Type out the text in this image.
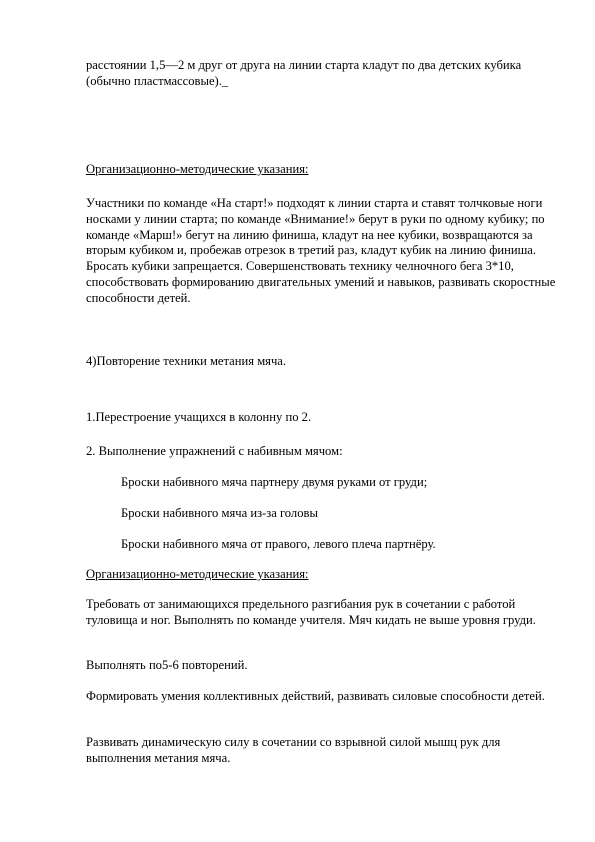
расстоянии 1,5—2 м друг от друга на линии старта кладут по два детских кубика (обычно пластмассовые)._

Организационно-методические указания:

Участники по команде «На старт!» подходят к линии старта и ставят толчковые ноги носками у линии старта; по команде «Внимание!» берут в руки по одному кубику; по команде «Марш!» бегут на линию финиша, кладут на нее кубики, возвращаются за вторым кубиком и, пробежав отрезок в третий раз, кладут кубик на линию финиша. Бросать кубики запрещается. Совершенствовать технику челночного бега 3*10, способствовать формированию двигательных умений и навыков, развивать скоростные способности детей.

4)Повторение техники метания мяча.

1.Перестроение учащихся в колонну по 2.

2. Выполнение упражнений с набивным мячом:

Броски набивного мяча партнеру двумя руками от груди;

Броски набивного мяча из-за головы

Броски набивного мяча от правого, левого плеча партнёру.

Организационно-методические указания:

Требовать от занимающихся предельного разгибания рук в сочетании с работой туловища и ног. Выполнять по команде учителя. Мяч кидать не выше уровня груди.

Выполнять по5-6 повторений.

Формировать умения коллективных действий, развивать силовые способности детей.

Развивать динамическую силу в сочетании со взрывной силой мышц рук для выполнения метания мяча.
